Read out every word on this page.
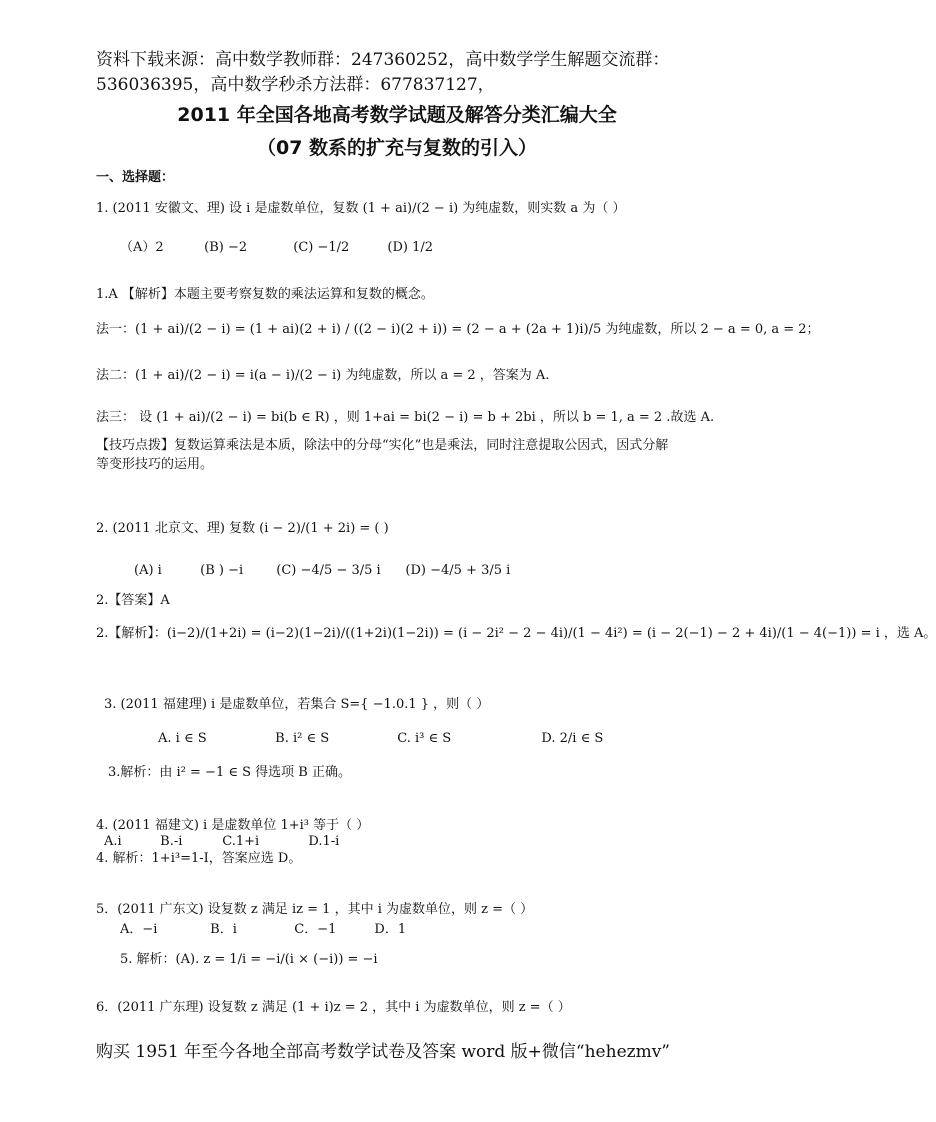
资料下载来源：高中数学教师群：247360252，高中数学学生解题交流群：
536036395，高中数学秒杀方法群：677837127，
2011 年全国各地高考数学试题及解答分类汇编大全
（07 数系的扩充与复数的引入）
一、选择题：
1. (2011 安徽文、理) 设 i 是虚数单位，复数 (1 + ai)/(2 − i) 为纯虚数，则实数 a 为（ ）
（A）2	(B) −2	(C) −1/2	(D) 1/2
1.A 【解析】本题主要考察复数的乘法运算和复数的概念。
法一：(1 + ai)/(2 − i) = (1 + ai)(2 + i) / ((2 − i)(2 + i)) = (2 − a + (2a + 1)i)/5 为纯虚数，所以 2 − a = 0, a = 2；
法二：(1 + ai)/(2 − i) = i(a − i)/(2 − i) 为纯虚数，所以 a = 2 ，答案为 A.
法三： 设 (1 + ai)/(2 − i) = bi(b ∈ R) ，则 1+ai = bi(2 − i) = b + 2bi ，所以 b = 1, a = 2 .故选 A.
【技巧点拨】复数运算乘法是本质，除法中的分母“实化”也是乘法，同时注意提取公因式，因式分解
等变形技巧的运用。
2. (2011 北京文、理) 复数 (i − 2)/(1 + 2i) = ( )
(A) i	(B ) −i	(C) −4/5 − 3/5 i (D) −4/5 + 3/5 i
2.【答案】A
2.【解析】：(i−2)/(1+2i) = (i−2)(1−2i)/((1+2i)(1−2i)) = (i − 2i² − 2 − 4i)/(1 − 4i²) = (i − 2(−1) − 2 + 4i)/(1 − 4(−1)) = i ，选 A。
3. (2011 福建理) i 是虚数单位，若集合 S={ −1.0.1 } ，则（ ）
A. i ∈ S	B. i² ∈ S	C. i³ ∈ S	D. 2/i ∈ S
3.解析：由 i² = −1 ∈ S 得选项 B 正确。
4. (2011 福建文) i 是虚数单位 1+i³ 等于（ ）
A.i	B.-i	C.1+i	D.1-i
4. 解析：1+i³=1-I，答案应选 D。
5．(2011 广东文) 设复数 z 满足 iz = 1 ，其中 i 为虚数单位，则 z =（ ）
A．−i	B．i	C．−1	D．1
5. 解析：(A). z = 1/i = −i/(i × (−i)) = −i
6．(2011 广东理) 设复数 z 满足 (1 + i)z = 2 ，其中 i 为虚数单位，则 z =（ ）
购买 1951 年至今各地全部高考数学试卷及答案 word 版+微信“hehezmv”
